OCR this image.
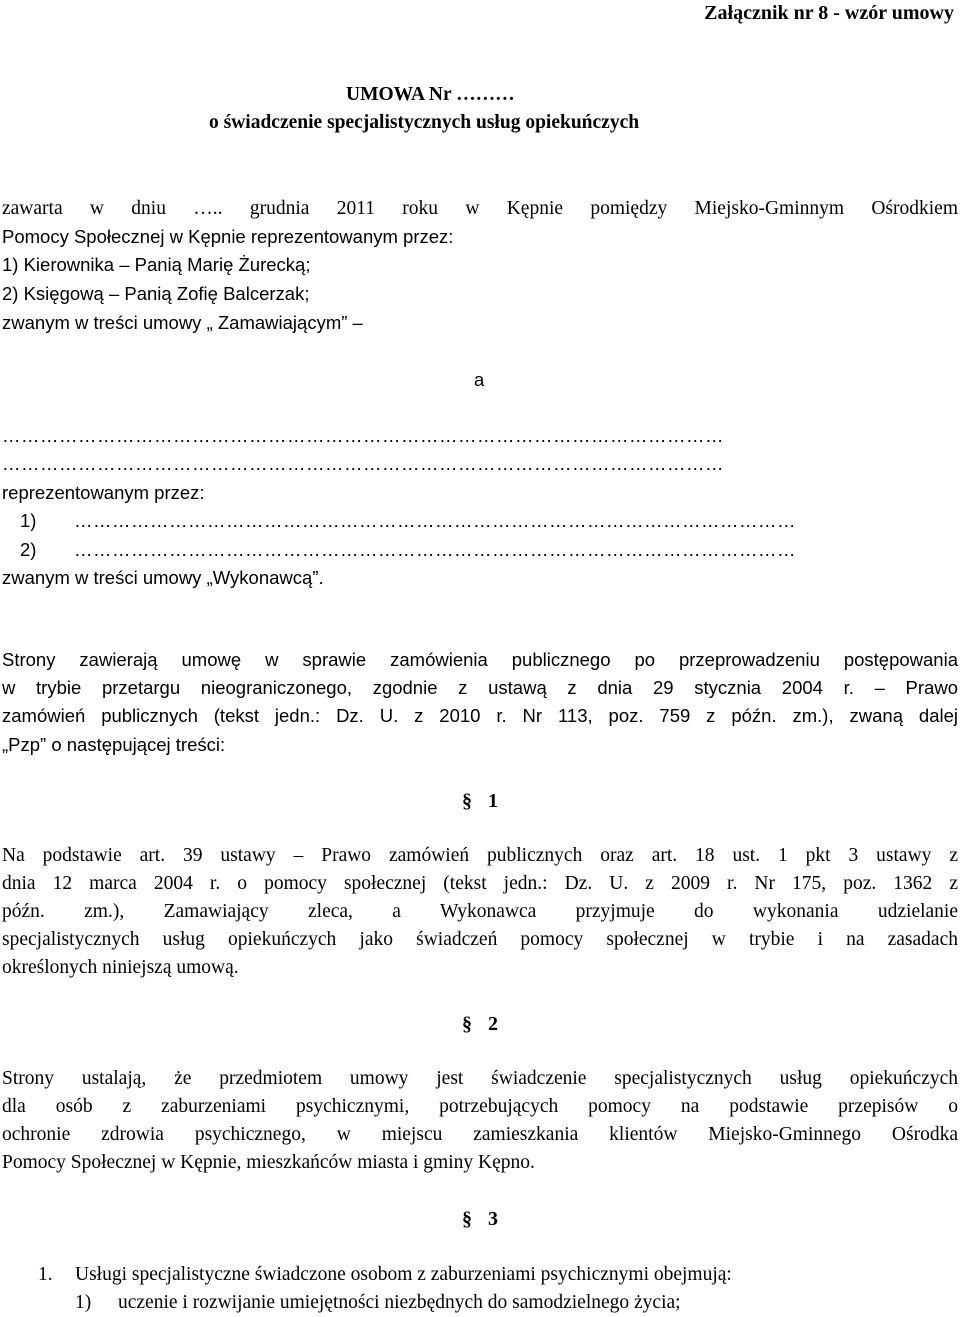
Załącznik nr 8 - wzór umowy
UMOWA Nr ………
o świadczenie specjalistycznych usług opiekuńczych
zawarta w dniu ….. grudnia 2011 roku w Kępnie pomiędzy Miejsko-Gminnym Ośrodkiem
Pomocy Społecznej w Kępnie reprezentowanym przez:
1) Kierownika – Panią Marię Żurecką;
2) Księgową – Panią Zofię Balcerzak;
zwanym w treści umowy „ Zamawiającym” –
a
……………………………………………………………………………………………………
……………………………………………………………………………………………………
reprezentowanym przez:
1) ……………………………………………………………………………………………………
2) ……………………………………………………………………………………………………
zwanym w treści umowy „Wykonawcą”.
Strony zawierają umowę w sprawie zamówienia publicznego po przeprowadzeniu postępowania
w trybie przetargu nieograniczonego, zgodnie z ustawą z dnia 29 stycznia 2004 r. – Prawo
zamówień publicznych (tekst jedn.: Dz. U. z 2010 r. Nr 113, poz. 759 z późn. zm.), zwaną dalej
„Pzp” o następującej treści:
§ 1
Na podstawie art. 39 ustawy – Prawo zamówień publicznych oraz art. 18 ust. 1 pkt 3 ustawy z
dnia 12 marca 2004 r. o pomocy społecznej (tekst jedn.: Dz. U. z 2009 r. Nr 175, poz. 1362 z
późn. zm.), Zamawiający zleca, a Wykonawca przyjmuje do wykonania udzielanie
specjalistycznych usług opiekuńczych jako świadczeń pomocy społecznej w trybie i na zasadach
określonych niniejszą umową.
§ 2
Strony ustalają, że przedmiotem umowy jest świadczenie specjalistycznych usług opiekuńczych
dla osób z zaburzeniami psychicznymi, potrzebujących pomocy na podstawie przepisów o
ochronie zdrowia psychicznego, w miejscu zamieszkania klientów Miejsko-Gminnego Ośrodka
Pomocy Społecznej w Kępnie, mieszkańców miasta i gminy Kępno.
§ 3
1. Usługi specjalistyczne świadczone osobom z zaburzeniami psychicznymi obejmują:
1) uczenie i rozwijanie umiejętności niezbędnych do samodzielnego życia;
